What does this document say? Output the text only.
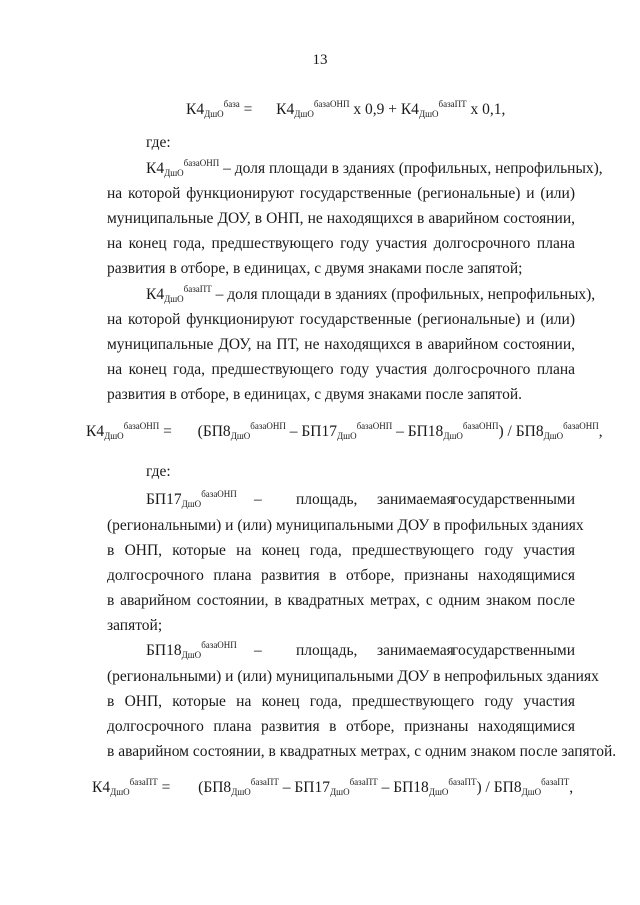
13
$К4_{ДшО}^{база} = К4_{ДшО}^{базаОНП}$ х $0,9 + К4_{ДшО}^{базаПТ}$ х 0,1,
где:
$К4_{ДшО}^{базаОНП}$ – доля площади в зданиях (профильных, непрофильных),
на которой функционируют государственные (региональные) и (или)
муниципальные ДОУ, в ОНП, не находящихся в аварийном состоянии,
на конец года, предшествующего году участия долгосрочного плана
развития в отборе, в единицах, с двумя знаками после запятой;
$К4_{ДшО}^{базаПТ}$ – доля площади в зданиях (профильных, непрофильных),
на которой функционируют государственные (региональные) и (или)
муниципальные ДОУ, на ПТ, не находящихся в аварийном состоянии,
на конец года, предшествующего году участия долгосрочного плана
развития в отборе, в единицах, с двумя знаками после запятой.
$К4_{ДшО}^{базаОНП} = (БП8_{ДшО}^{базаОНП} - БП17_{ДшО}^{базаОНП} - БП18_{ДшО}^{базаОНП}) / БП8_{ДшО}^{базаОНП}$,
где:
$БП17_{ДшО}^{базаОНП}$ – площадь, занимаемая
государственными
(региональными) и (или) муниципальными ДОУ в профильных зданиях
в ОНП, которые на конец года, предшествующего году участия
долгосрочного плана развития в отборе, признаны находящимися
в аварийном состоянии, в квадратных метрах, с одним знаком после
запятой;
$БП18_{ДшО}^{базаОНП}$ – площадь, занимаемая
государственными
(региональными) и (или) муниципальными ДОУ в непрофильных зданиях
в ОНП, которые на конец года, предшествующего году участия
долгосрочного плана развития в отборе, признаны находящимися
в аварийном состоянии, в квадратных метрах, с одним знаком после запятой.
$К4_{ДшО}^{базаПТ} = (БП8_{ДшО}^{базаПТ} - БП17_{ДшО}^{базаПТ} - БП18_{ДшО}^{базаПТ}) / БП8_{ДшО}^{базаПТ}$,
